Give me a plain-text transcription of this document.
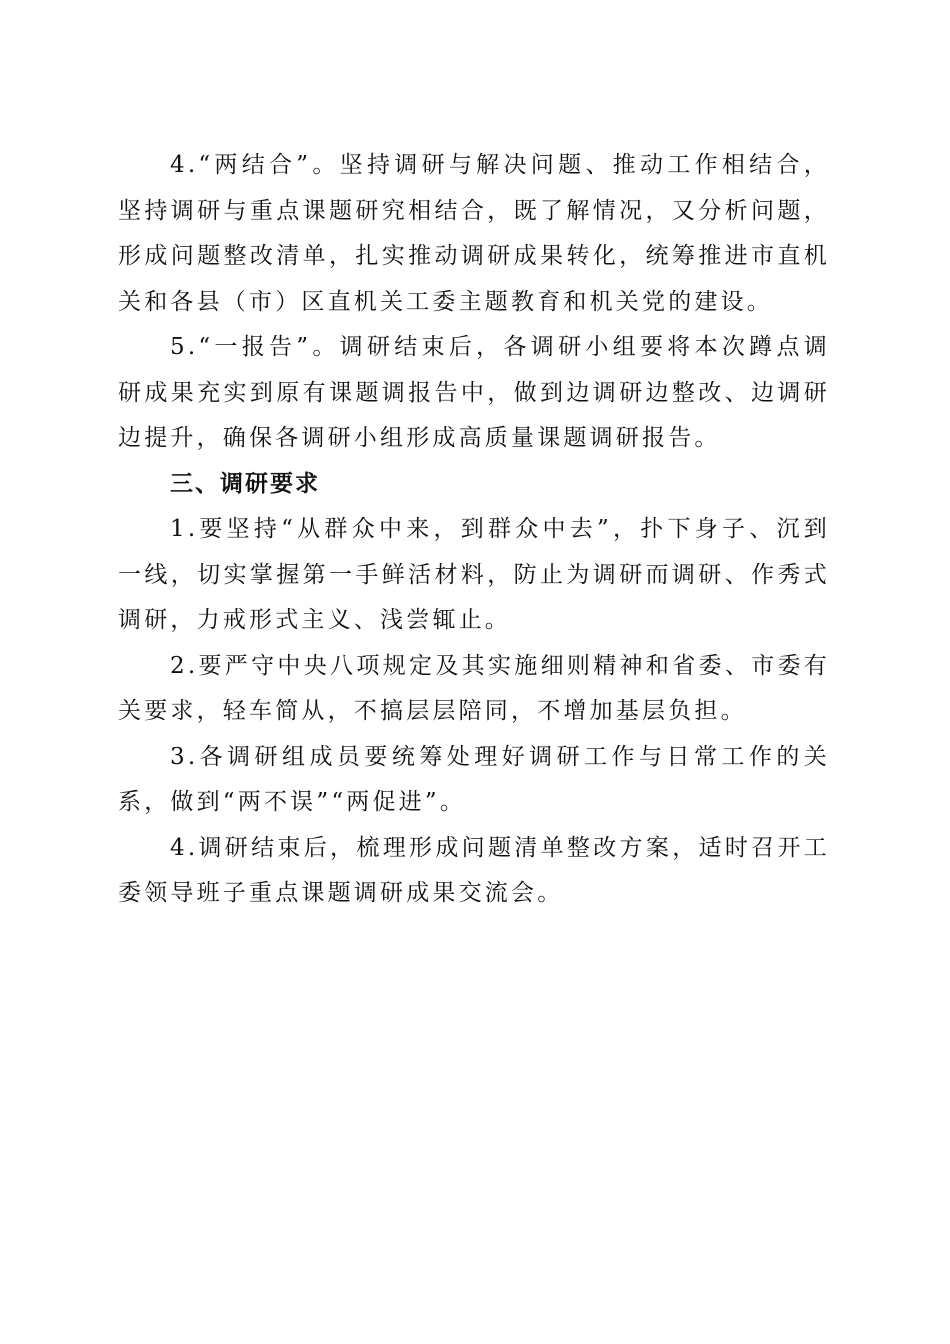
4.“两结合”。坚持调研与解决问题、推动工作相结合，坚持调研与重点课题研究相结合，既了解情况，又分析问题，形成问题整改清单，扎实推动调研成果转化，统筹推进市直机关和各县（市）区直机关工委主题教育和机关党的建设。

5.“一报告”。调研结束后，各调研小组要将本次蹲点调研成果充实到原有课题调报告中，做到边调研边整改、边调研边提升，确保各调研小组形成高质量课题调研报告。

三、调研要求

1.要坚持“从群众中来，到群众中去”，扑下身子、沉到一线，切实掌握第一手鲜活材料，防止为调研而调研、作秀式调研，力戒形式主义、浅尝辄止。

2.要严守中央八项规定及其实施细则精神和省委、市委有关要求，轻车简从，不搞层层陪同，不增加基层负担。

3.各调研组成员要统筹处理好调研工作与日常工作的关系，做到“两不误”“两促进”。

4.调研结束后，梳理形成问题清单整改方案，适时召开工委领导班子重点课题调研成果交流会。
